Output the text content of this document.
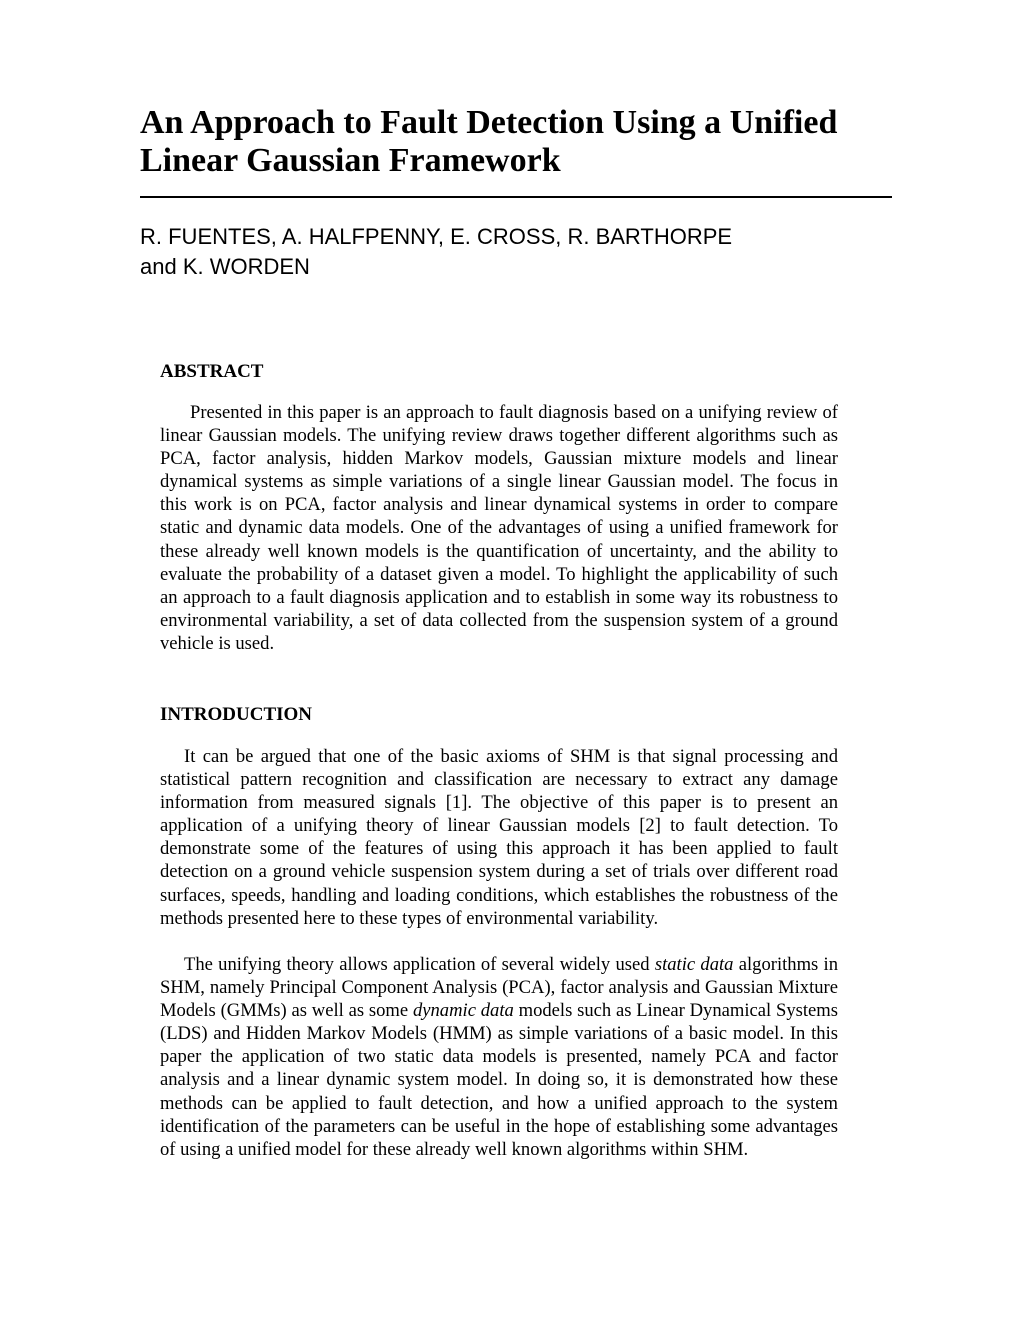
An Approach to Fault Detection Using a Unified
Linear Gaussian Framework
R. FUENTES, A. HALFPENNY, E. CROSS, R. BARTHORPE
and K. WORDEN
ABSTRACT

Presented in this paper is an approach to fault diagnosis based on a unifying review of linear Gaussian models. The unifying review draws together different algorithms such as PCA, factor analysis, hidden Markov models, Gaussian mixture models and linear dynamical systems as simple variations of a single linear Gaussian model. The focus in this work is on PCA, factor analysis and linear dynamical systems in order to compare static and dynamic data models. One of the advantages of using a unified framework for these already well known models is the quantification of uncertainty, and the ability to evaluate the probability of a dataset given a model. To highlight the applicability of such an approach to a fault diagnosis application and to establish in some way its robustness to environmental variability, a set of data collected from the suspension system of a ground vehicle is used.

INTRODUCTION

It can be argued that one of the basic axioms of SHM is that signal processing and statistical pattern recognition and classification are necessary to extract any damage information from measured signals [1]. The objective of this paper is to present an application of a unifying theory of linear Gaussian models [2] to fault detection. To demonstrate some of the features of using this approach it has been applied to fault detection on a ground vehicle suspension system during a set of trials over different road surfaces, speeds, handling and loading conditions, which establishes the robustness of the methods presented here to these types of environmental variability.

The unifying theory allows application of several widely used static data algorithms in SHM, namely Principal Component Analysis (PCA), factor analysis and Gaussian Mixture Models (GMMs) as well as some dynamic data models such as Linear Dynamical Systems (LDS) and Hidden Markov Models (HMM) as simple variations of a basic model. In this paper the application of two static data models is presented, namely PCA and factor analysis and a linear dynamic system model. In doing so, it is demonstrated how these methods can be applied to fault detection, and how a unified approach to the system identification of the parameters can be useful in the hope of establishing some advantages of using a unified model for these already well known algorithms within SHM.
